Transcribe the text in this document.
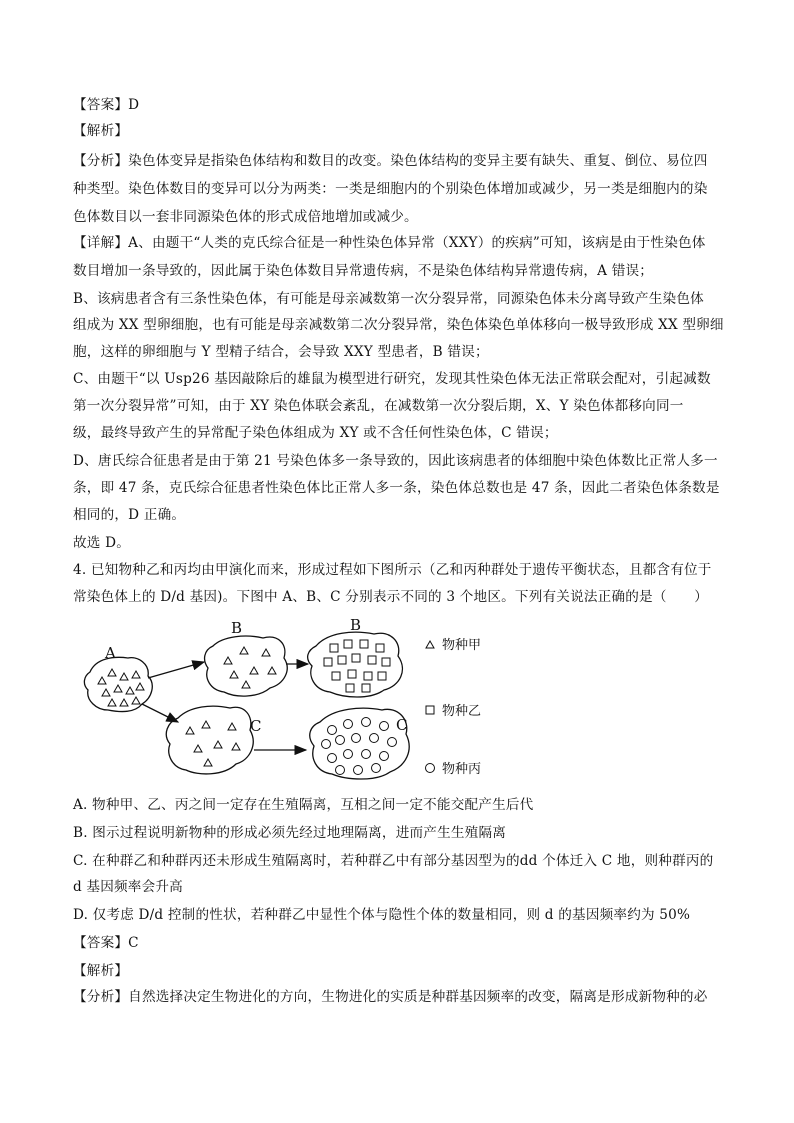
【答案】D
【解析】
【分析】染色体变异是指染色体结构和数目的改变。染色体结构的变异主要有缺失、重复、倒位、易位四
种类型。染色体数目的变异可以分为两类：一类是细胞内的个别染色体增加或减少，另一类是细胞内的染
色体数目以一套非同源染色体的形式成倍地增加或减少。
【详解】A、由题干“人类的克氏综合征是一种性染色体异常（XXY）的疾病”可知，该病是由于性染色体
数目增加一条导致的，因此属于染色体数目异常遗传病，不是染色体结构异常遗传病，A 错误；
B、该病患者含有三条性染色体，有可能是母亲减数第一次分裂异常，同源染色体未分离导致产生染色体
组成为 XX 型卵细胞，也有可能是母亲减数第二次分裂异常，染色体染色单体移向一极导致形成 XX 型卵细
胞，这样的卵细胞与 Y 型精子结合，会导致 XXY 型患者，B 错误；
C、由题干“以 Usp26 基因敲除后的雄鼠为模型进行研究，发现其性染色体无法正常联会配对，引起减数
第一次分裂异常”可知，由于 XY 染色体联会紊乱，在减数第一次分裂后期，X、Y 染色体都移向同一
级，最终导致产生的异常配子染色体组成为 XY 或不含任何性染色体，C 错误；
D、唐氏综合征患者是由于第 21 号染色体多一条导致的，因此该病患者的体细胞中染色体数比正常人多一
条，即 47 条，克氏综合征患者性染色体比正常人多一条，染色体总数也是 47 条，因此二者染色体条数是
相同的，D 正确。
故选 D。
4. 已知物种乙和丙均由甲演化而来，形成过程如下图所示（乙和丙种群处于遗传平衡状态，且都含有位于
常染色体上的 D/d 基因)。下图中 A、B、C 分别表示不同的 3 个地区。下列有关说法正确的是（　　）
A
B	B
C	C
物种甲
物种乙
物种丙
A. 物种甲、乙、丙之间一定存在生殖隔离，互相之间一定不能交配产生后代
B. 图示过程说明新物种的形成必须先经过地理隔离，进而产生生殖隔离
C. 在种群乙和种群丙还未形成生殖隔离时，若种群乙中有部分基因型为的dd 个体迁入 C 地，则种群丙的
d 基因频率会升高
D. 仅考虑 D/d 控制的性状，若种群乙中显性个体与隐性个体的数量相同，则 d 的基因频率约为 50%
【答案】C
【解析】
【分析】自然选择决定生物进化的方向，生物进化的实质是种群基因频率的改变，隔离是形成新物种的必
